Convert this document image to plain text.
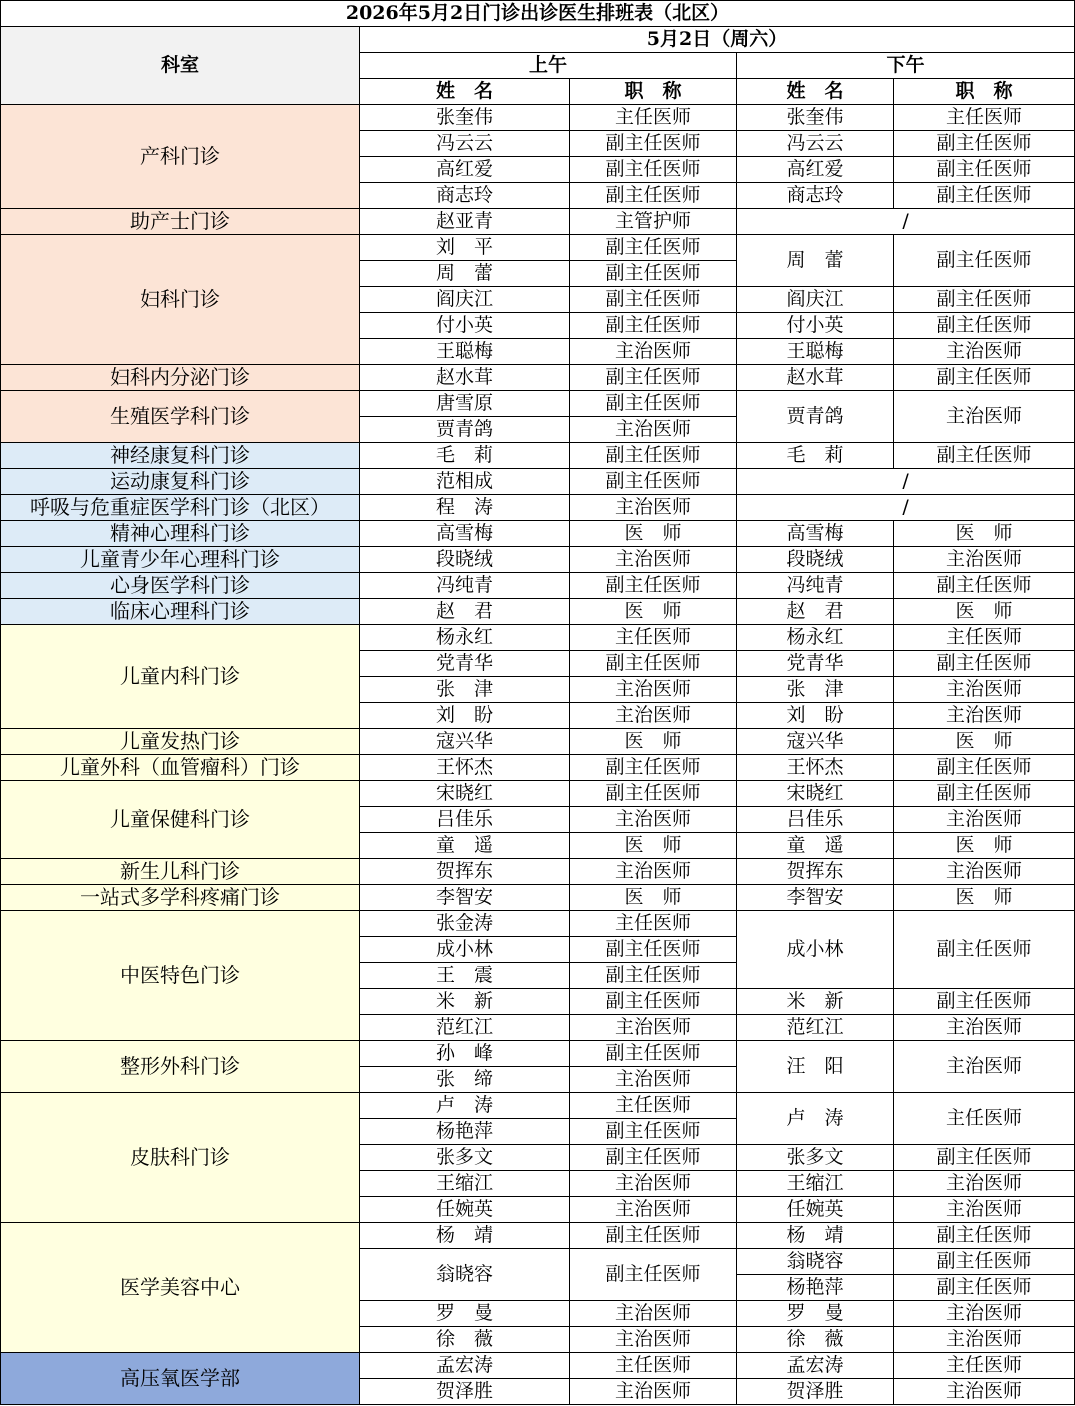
2026年5月2日门诊出诊医生排班表（北区）				
科室	5月2日（周六）			
	上午		下午	
	姓　名	职　称	姓　名	职　称
产科门诊	张奎伟	主任医师	张奎伟	主任医师
	冯云云	副主任医师	冯云云	副主任医师
	高红爱	副主任医师	高红爱	副主任医师
	商志玲	副主任医师	商志玲	副主任医师
助产士门诊	赵亚青	主管护师	/	
妇科门诊	刘　平	副主任医师	周　蕾	副主任医师
	周　蕾	副主任医师		
	阎庆江	副主任医师	阎庆江	副主任医师
	付小英	副主任医师	付小英	副主任医师
	王聪梅	主治医师	王聪梅	主治医师
妇科内分泌门诊	赵水茸	副主任医师	赵水茸	副主任医师
生殖医学科门诊	唐雪原	副主任医师	贾青鸽	主治医师
	贾青鸽	主治医师		
神经康复科门诊	毛　莉	副主任医师	毛　莉	副主任医师
运动康复科门诊	范相成	副主任医师	/	
呼吸与危重症医学科门诊（北区）	程　涛	主治医师	/	
精神心理科门诊	高雪梅	医　师	高雪梅	医　师
儿童青少年心理科门诊	段晓绒	主治医师	段晓绒	主治医师
心身医学科门诊	冯纯青	副主任医师	冯纯青	副主任医师
临床心理科门诊	赵　君	医　师	赵　君	医　师
儿童内科门诊	杨永红	主任医师	杨永红	主任医师
	党青华	副主任医师	党青华	副主任医师
	张　津	主治医师	张　津	主治医师
	刘　盼	主治医师	刘　盼	主治医师
儿童发热门诊	寇兴华	医　师	寇兴华	医　师
儿童外科（血管瘤科）门诊	王怀杰	副主任医师	王怀杰	副主任医师
儿童保健科门诊	宋晓红	副主任医师	宋晓红	副主任医师
	吕佳乐	主治医师	吕佳乐	主治医师
	童　遥	医　师	童　遥	医　师
新生儿科门诊	贺挥东	主治医师	贺挥东	主治医师
一站式多学科疼痛门诊	李智安	医　师	李智安	医　师
中医特色门诊	张金涛	主任医师	成小林	副主任医师
	成小林	副主任医师		
	王　震	副主任医师		
	米　新	副主任医师	米　新	副主任医师
	范红江	主治医师	范红江	主治医师
整形外科门诊	孙　峰	副主任医师	汪　阳	主治医师
	张　缔	主治医师		
皮肤科门诊	卢　涛	主任医师	卢　涛	主任医师
	杨艳萍	副主任医师		
	张多文	副主任医师	张多文	副主任医师
	王缩江	主治医师	王缩江	主治医师
	任婉英	主治医师	任婉英	主治医师
医学美容中心	杨　靖	副主任医师	杨　靖	副主任医师
	翁晓容	副主任医师	翁晓容	副主任医师
			杨艳萍	副主任医师
	罗　曼	主治医师	罗　曼	主治医师
	徐　薇	主治医师	徐　薇	主治医师
高压氧医学部	孟宏涛	主任医师	孟宏涛	主任医师
	贺泽胜	主治医师	贺泽胜	主治医师
